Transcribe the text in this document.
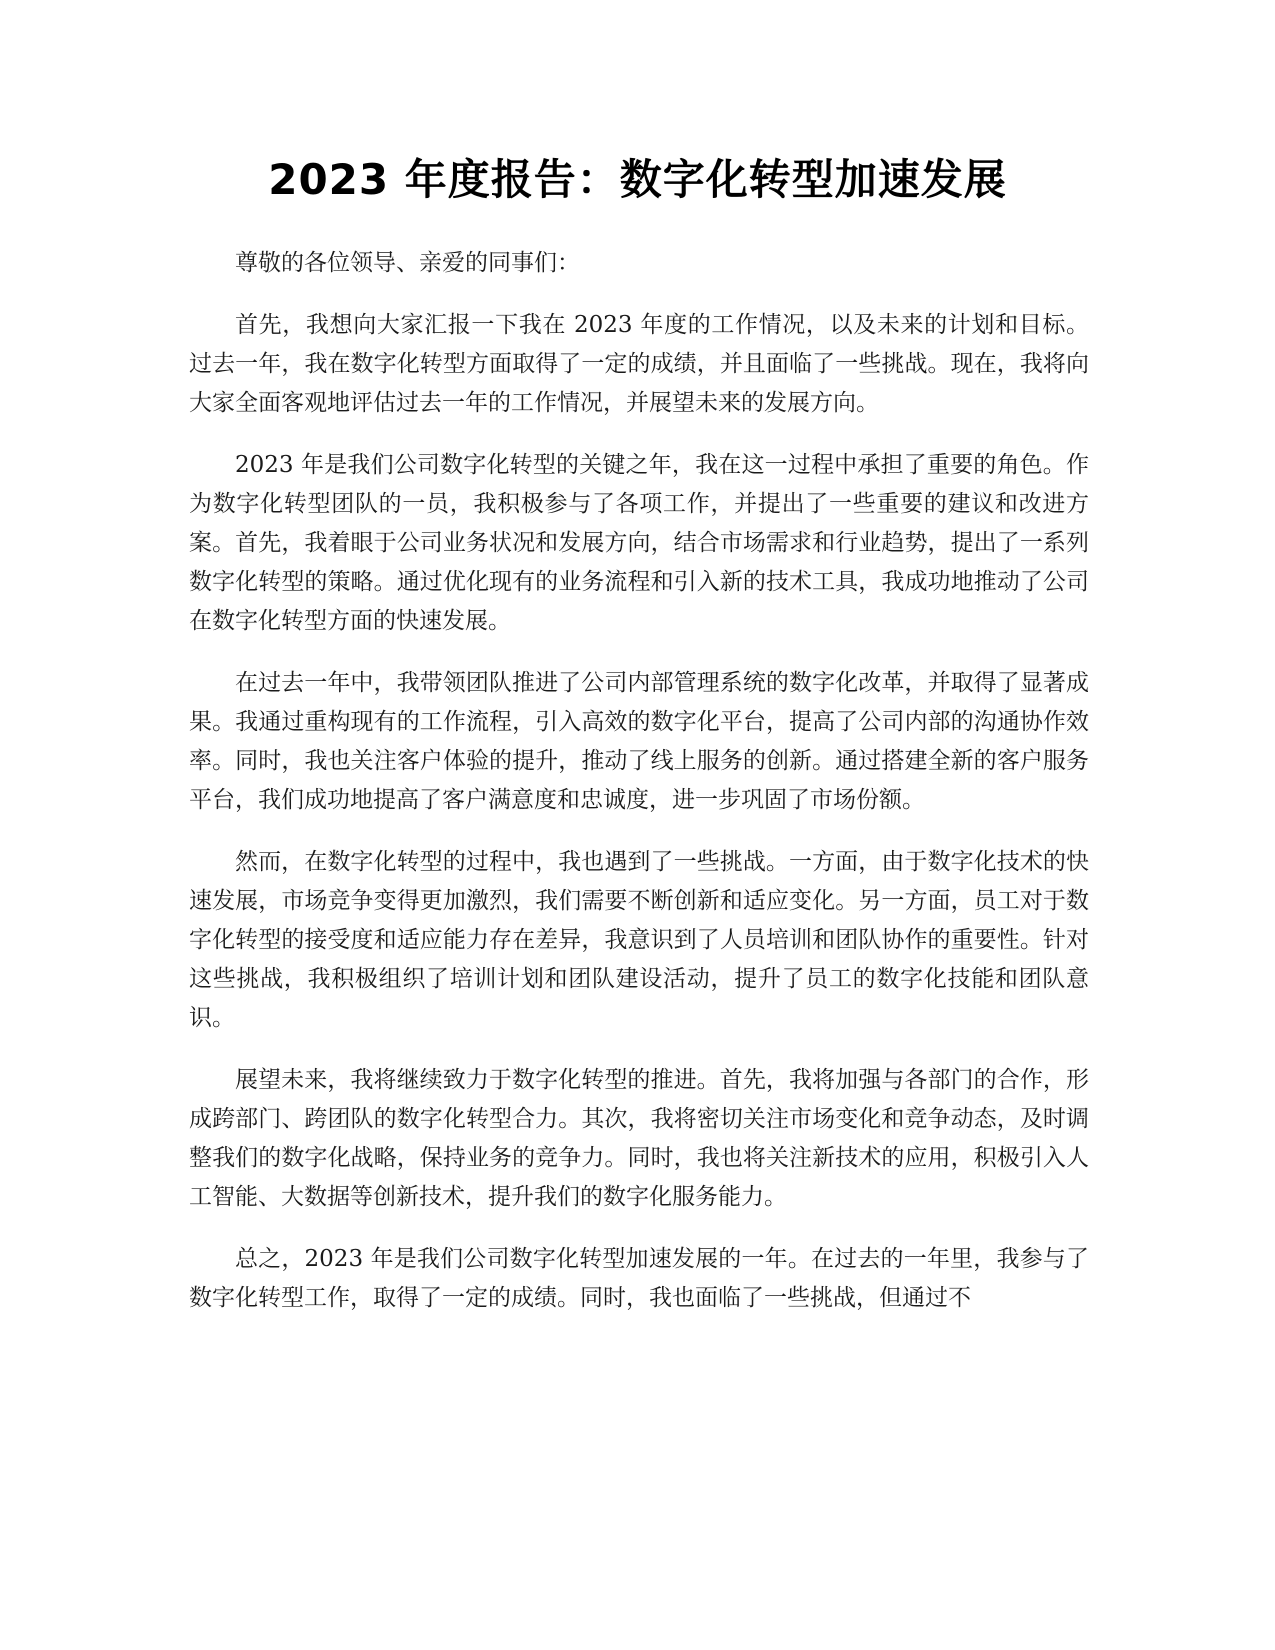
2023 年度报告：数字化转型加速发展

尊敬的各位领导、亲爱的同事们：

首先，我想向大家汇报一下我在 2023 年度的工作情况，以及未来的计划和目标。过去一年，我在数字化转型方面取得了一定的成绩，并且面临了一些挑战。现在，我将向大家全面客观地评估过去一年的工作情况，并展望未来的发展方向。

2023 年是我们公司数字化转型的关键之年，我在这一过程中承担了重要的角色。作为数字化转型团队的一员，我积极参与了各项工作，并提出了一些重要的建议和改进方案。首先，我着眼于公司业务状况和发展方向，结合市场需求和行业趋势，提出了一系列数字化转型的策略。通过优化现有的业务流程和引入新的技术工具，我成功地推动了公司在数字化转型方面的快速发展。

在过去一年中，我带领团队推进了公司内部管理系统的数字化改革，并取得了显著成果。我通过重构现有的工作流程，引入高效的数字化平台，提高了公司内部的沟通协作效率。同时，我也关注客户体验的提升，推动了线上服务的创新。通过搭建全新的客户服务平台，我们成功地提高了客户满意度和忠诚度，进一步巩固了市场份额。

然而，在数字化转型的过程中，我也遇到了一些挑战。一方面，由于数字化技术的快速发展，市场竞争变得更加激烈，我们需要不断创新和适应变化。另一方面，员工对于数字化转型的接受度和适应能力存在差异，我意识到了人员培训和团队协作的重要性。针对这些挑战，我积极组织了培训计划和团队建设活动，提升了员工的数字化技能和团队意识。

展望未来，我将继续致力于数字化转型的推进。首先，我将加强与各部门的合作，形成跨部门、跨团队的数字化转型合力。其次，我将密切关注市场变化和竞争动态，及时调整我们的数字化战略，保持业务的竞争力。同时，我也将关注新技术的应用，积极引入人工智能、大数据等创新技术，提升我们的数字化服务能力。

总之，2023 年是我们公司数字化转型加速发展的一年。在过去的一年里，我参与了数字化转型工作，取得了一定的成绩。同时，我也面临了一些挑战，但通过不
